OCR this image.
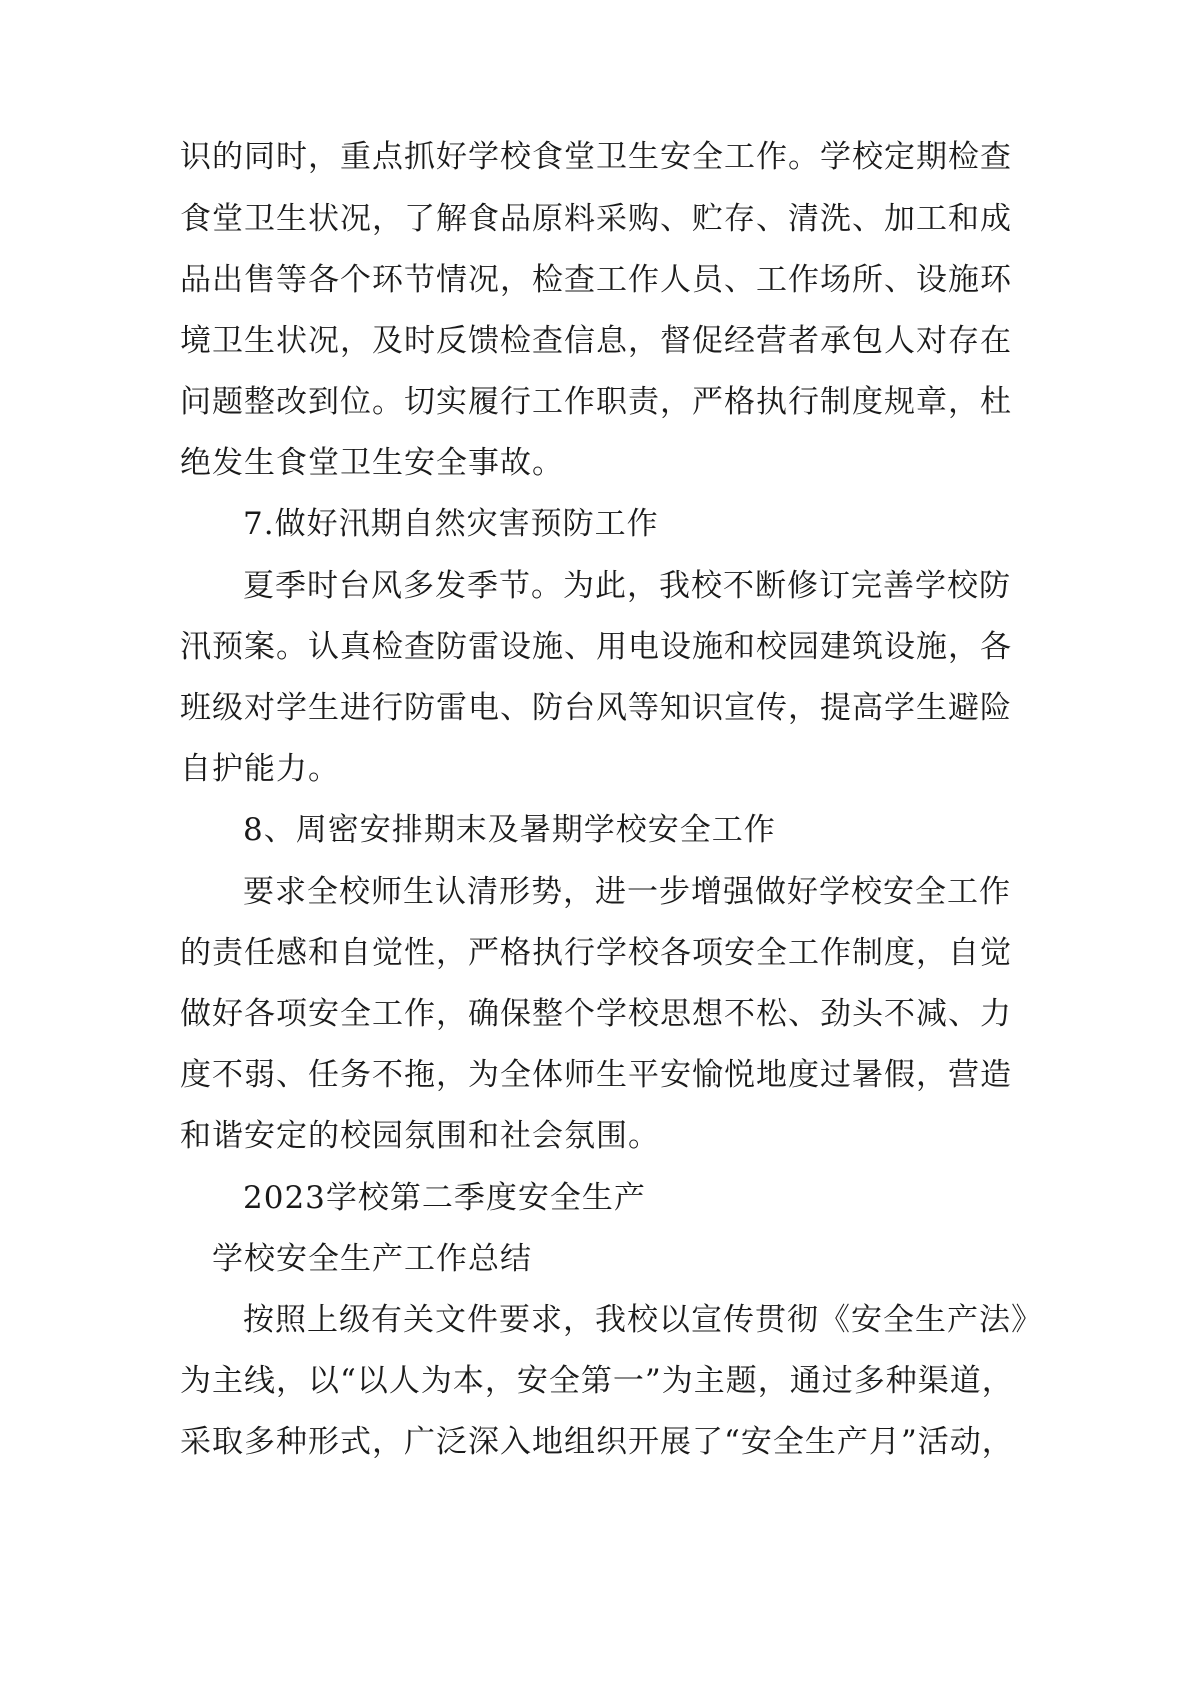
识的同时，重点抓好学校食堂卫生安全工作。学校定期检查
食堂卫生状况，了解食品原料采购、贮存、清洗、加工和成
品出售等各个环节情况，检查工作人员、工作场所、设施环
境卫生状况，及时反馈检查信息，督促经营者承包人对存在
问题整改到位。切实履行工作职责，严格执行制度规章，杜
绝发生食堂卫生安全事故。
7.做好汛期自然灾害预防工作
夏季时台风多发季节。为此，我校不断修订完善学校防
汛预案。认真检查防雷设施、用电设施和校园建筑设施，各
班级对学生进行防雷电、防台风等知识宣传，提高学生避险
自护能力。
8、周密安排期末及暑期学校安全工作
要求全校师生认清形势，进一步增强做好学校安全工作
的责任感和自觉性，严格执行学校各项安全工作制度，自觉
做好各项安全工作，确保整个学校思想不松、劲头不减、力
度不弱、任务不拖，为全体师生平安愉悦地度过暑假，营造
和谐安定的校园氛围和社会氛围。
2023学校第二季度安全生产
学校安全生产工作总结
按照上级有关文件要求，我校以宣传贯彻《安全生产法》
为主线，以“以人为本，安全第一”为主题，通过多种渠道，
采取多种形式，广泛深入地组织开展了“安全生产月”活动，
